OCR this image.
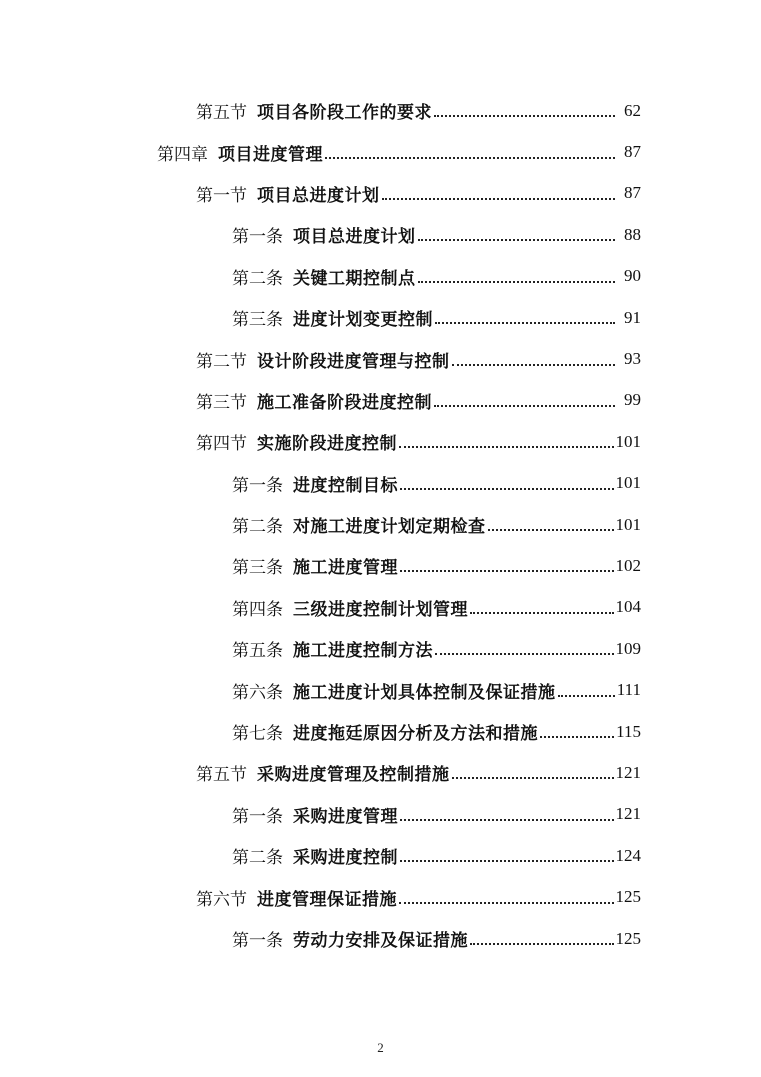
第五节 项目各阶段工作的要求	62
第四章 项目进度管理	87
第一节 项目总进度计划	87
第一条 项目总进度计划	88
第二条 关键工期控制点	90
第三条 进度计划变更控制	91
第二节 设计阶段进度管理与控制	93
第三节 施工准备阶段进度控制	99
第四节 实施阶段进度控制	101
第一条 进度控制目标	101
第二条 对施工进度计划定期检查	101
第三条 施工进度管理	102
第四条 三级进度控制计划管理	104
第五条 施工进度控制方法	109
第六条 施工进度计划具体控制及保证措施	111
第七条 进度拖廷原因分析及方法和措施	115
第五节 采购进度管理及控制措施	121
第一条 采购进度管理	121
第二条 采购进度控制	124
第六节 进度管理保证措施	125
第一条 劳动力安排及保证措施	125
2
